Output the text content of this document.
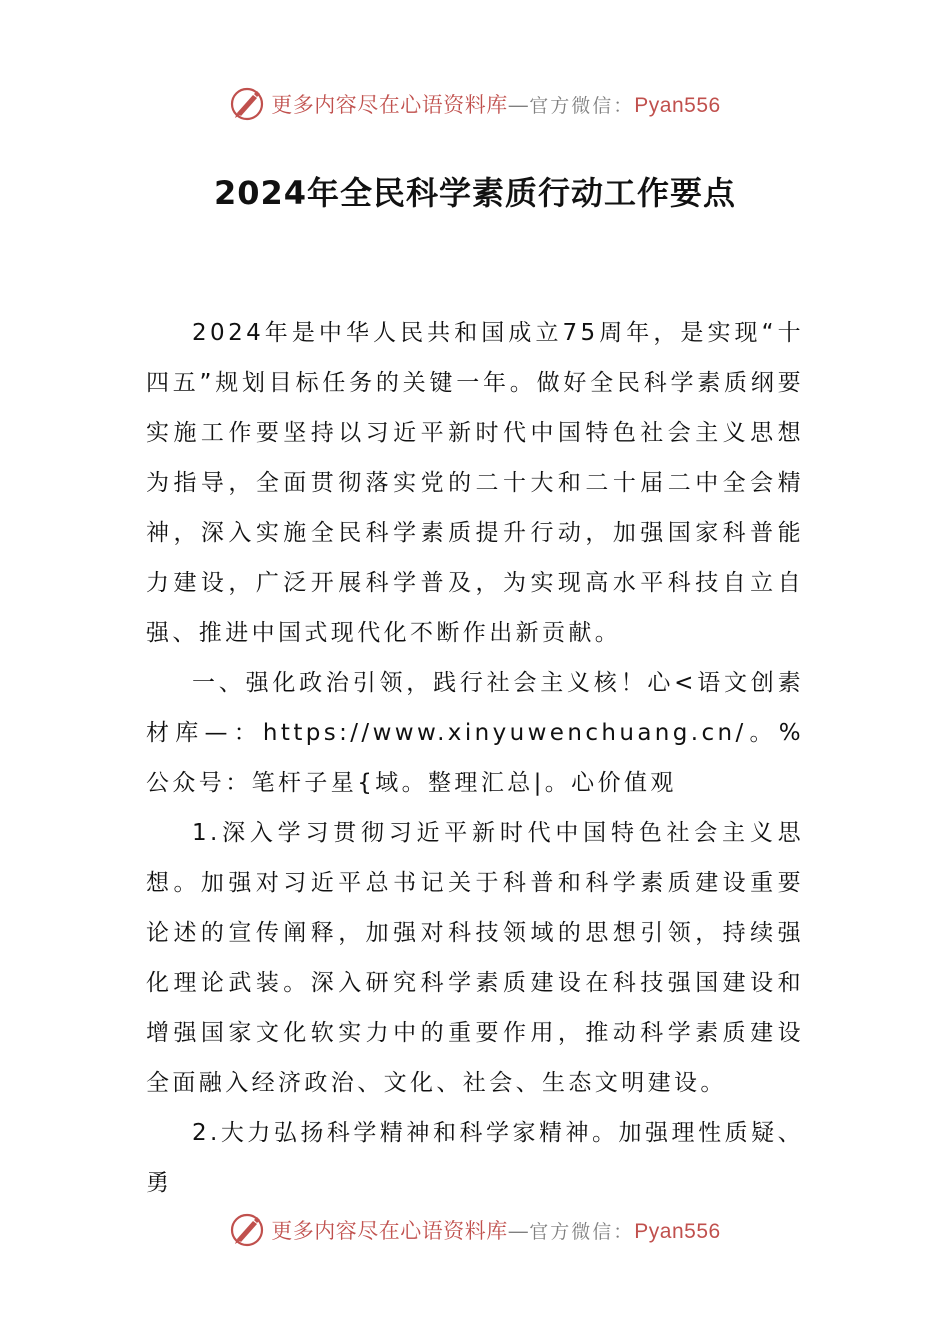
更多内容尽在心语资料库—官方微信：Pyan556
2024年全民科学素质行动工作要点

2024年是中华人民共和国成立75周年，是实现“十四五”规划目标任务的关键一年。做好全民科学素质纲要实施工作要坚持以习近平新时代中国特色社会主义思想为指导，全面贯彻落实党的二十大和二十届二中全会精神，深入实施全民科学素质提升行动，加强国家科普能力建设，广泛开展科学普及，为实现高水平科技自立自强、推进中国式现代化不断作出新贡献。

一、强化政治引领，践行社会主义核！心<语文创素材库—：https://www.xinyuwenchuang.cn/。%公众号：笔杆子星{域。整理汇总|。心价值观

1.深入学习贯彻习近平新时代中国特色社会主义思想。加强对习近平总书记关于科普和科学素质建设重要论述的宣传阐释，加强对科技领域的思想引领，持续强化理论武装。深入研究科学素质建设在科技强国建设和增强国家文化软实力中的重要作用，推动科学素质建设全面融入经济政治、文化、社会、生态文明建设。

2.大力弘扬科学精神和科学家精神。加强理性质疑、勇

更多内容尽在心语资料库—官方微信：Pyan556
